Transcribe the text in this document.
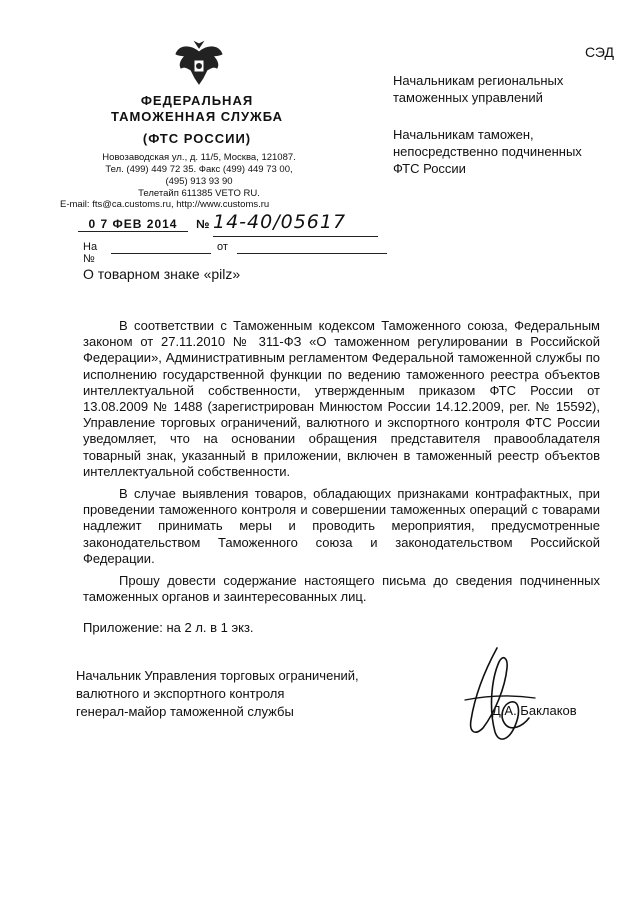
СЭД
ФЕДЕРАЛЬНАЯ
ТАМОЖЕННАЯ СЛУЖБА
(ФТС РОССИИ)
Новозаводская ул., д. 11/5, Москва, 121087.
Тел. (499) 449 72 35. Факс (499) 449 73 00,
(495) 913 93 90
Телетайп 611385 VETO RU.
E-mail: fts@ca.customs.ru, http://www.customs.ru
0 7 ФЕВ 2014	№ 14-40/05617
На №
от
Начальникам региональных
таможенных управлений
Начальникам таможен,
непосредственно подчиненных
ФТС России
О товарном знаке «pilz»

В соответствии с Таможенным кодексом Таможенного союза, Федеральным законом от 27.11.2010 № 311-ФЗ «О таможенном регулировании в Российской Федерации», Административным регламентом Федеральной таможенной службы по исполнению государственной функции по ведению таможенного реестра объектов интеллектуальной собственности, утвержденным приказом ФТС России от 13.08.2009 № 1488 (зарегистрирован Минюстом России 14.12.2009, рег. № 15592), Управление торговых ограничений, валютного и экспортного контроля ФТС России уведомляет, что на основании обращения представителя правообладателя товарный знак, указанный в приложении, включен в таможенный реестр объектов интеллектуальной собственности.

В случае выявления товаров, обладающих признаками контрафактных, при проведении таможенного контроля и совершении таможенных операций с товарами надлежит принимать меры и проводить мероприятия, предусмотренные законодательством Таможенного союза и законодательством Российской Федерации.

Прошу довести содержание настоящего письма до сведения подчиненных таможенных органов и заинтересованных лиц.

Приложение: на 2 л. в 1 экз.
Начальник Управления торговых ограничений,
валютного и экспортного контроля
генерал-майор таможенной службы	Д.А. Баклаков
